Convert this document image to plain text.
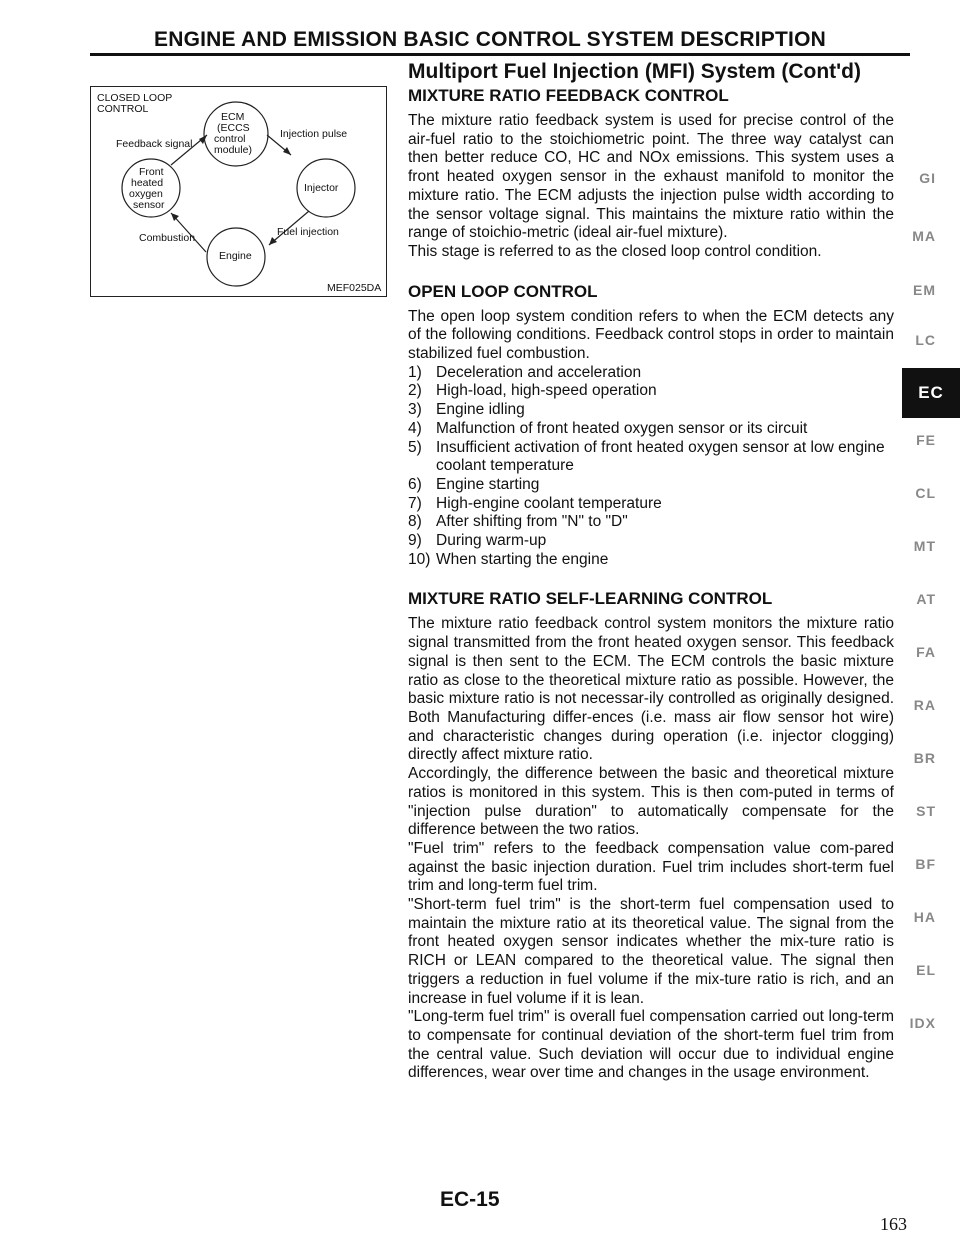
ENGINE AND EMISSION BASIC CONTROL SYSTEM DESCRIPTION
Multiport Fuel Injection (MFI) System (Cont'd)
CLOSED LOOP
CONTROL
ECM
(ECCS
control
module)
Injection pulse
Feedback signal
Front
heated
oxygen
sensor
Injector
Combustion
Engine
Fuel injection
MEF025DA
MIXTURE RATIO FEEDBACK CONTROL

The mixture ratio feedback system is used for precise control of the air-fuel ratio to the stoichiometric point. The three way catalyst can then better reduce CO, HC and NOx emissions. This system uses a front heated oxygen sensor in the exhaust manifold to monitor the mixture ratio. The ECM adjusts the injection pulse width according to the sensor voltage signal. This maintains the mixture ratio within the range of stoichio-metric (ideal air-fuel mixture).

This stage is referred to as the closed loop control condition.

OPEN LOOP CONTROL

The open loop system condition refers to when the ECM detects any of the following conditions. Feedback control stops in order to maintain stabilized fuel combustion.

1) Deceleration and acceleration
2) High-load, high-speed operation
3) Engine idling
4) Malfunction of front heated oxygen sensor or its circuit
5) Insufficient activation of front heated oxygen sensor at low engine coolant temperature
6) Engine starting
7) High-engine coolant temperature
8) After shifting from "N" to "D"
9) During warm-up
10) When starting the engine
MIXTURE RATIO SELF-LEARNING CONTROL

The mixture ratio feedback control system monitors the mixture ratio signal transmitted from the front heated oxygen sensor. This feedback signal is then sent to the ECM. The ECM controls the basic mixture ratio as close to the theoretical mixture ratio as possible. However, the basic mixture ratio is not necessar-ily controlled as originally designed. Both Manufacturing differ-ences (i.e. mass air flow sensor hot wire) and characteristic changes during operation (i.e. injector clogging) directly affect mixture ratio.

Accordingly, the difference between the basic and theoretical mixture ratios is monitored in this system. This is then com-puted in terms of "injection pulse duration" to automatically compensate for the difference between the two ratios.

"Fuel trim" refers to the feedback compensation value com-pared against the basic injection duration. Fuel trim includes short-term fuel trim and long-term fuel trim.

"Short-term fuel trim" is the short-term fuel compensation used to maintain the mixture ratio at its theoretical value. The signal from the front heated oxygen sensor indicates whether the mix-ture ratio is RICH or LEAN compared to the theoretical value. The signal then triggers a reduction in fuel volume if the mix-ture ratio is rich, and an increase in fuel volume if it is lean.

"Long-term fuel trim" is overall fuel compensation carried out long-term to compensate for continual deviation of the short-term fuel trim from the central value. Such deviation will occur due to individual engine differences, wear over time and changes in the usage environment.

GI
MA
EM
LC
EC
FE
CL
MT
AT
FA
RA
BR
ST
BF
HA
EL
IDX
EC-15
163
